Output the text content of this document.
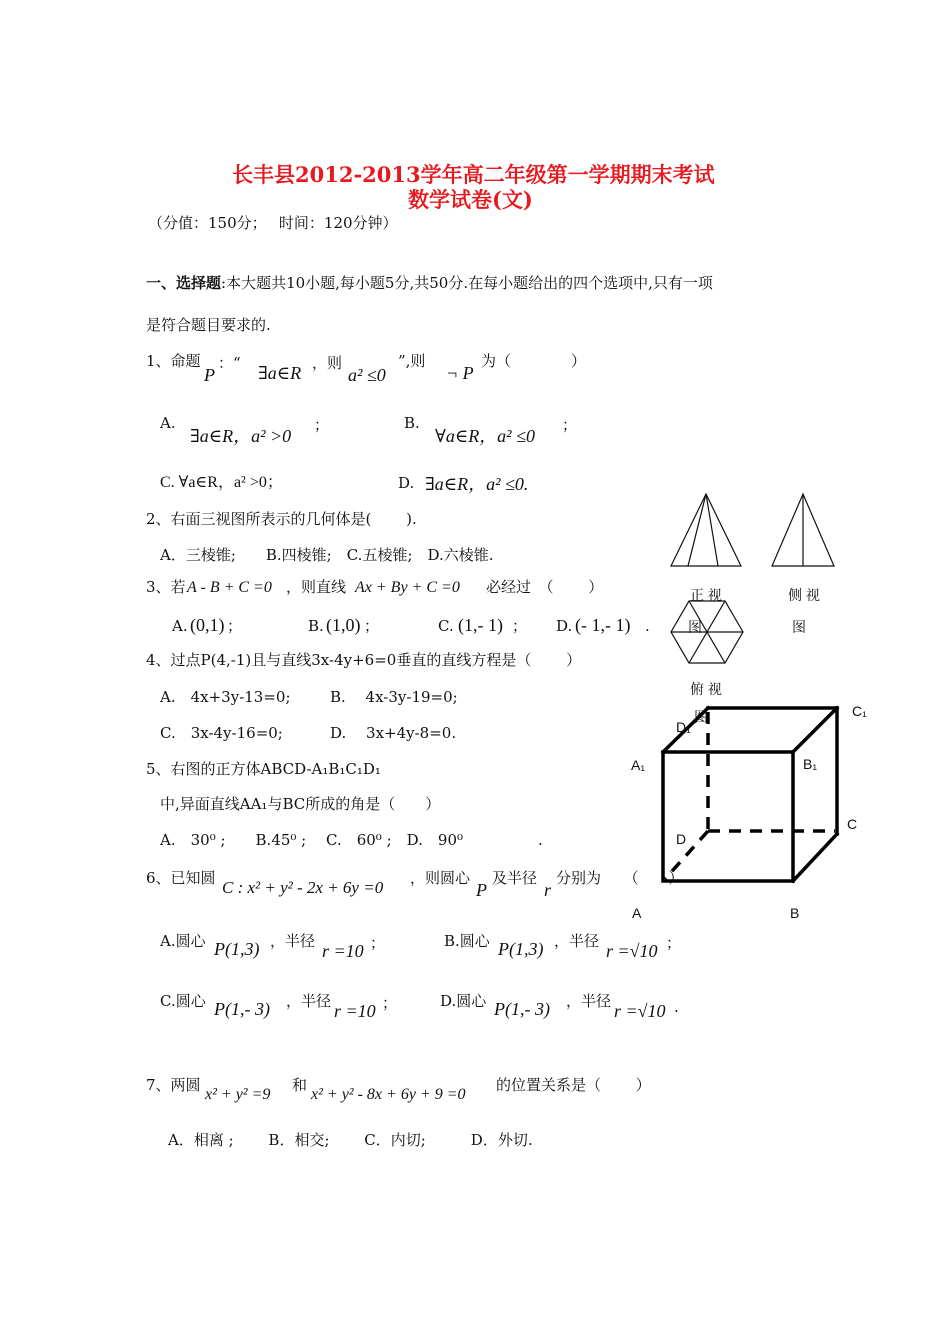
长丰县2012-2013学年高二年级第一学期期末考试
数学试卷(文)
（分值：150分；　 时间：120分钟）
一、选择题:本大题共10小题,每小题5分,共50分.在每小题给出的四个选项中,只有一项
是符合题目要求的.
1、命题
P
：“ ∃a∈R ，则
a² ≤0
”,则
¬ P
为（　　　　）
A.
∃a∈R，a² >0
；	B.
∀a∈R，a² ≤0
；
C. ∀a∈R，a² >0；	D. ∃a∈R，a² ≤0.
2、右面三视图所表示的几何体是(　　 ).
A．三棱锥;　　B.四棱锥;　C.五棱锥;　D.六棱锥.
正 视
图
侧 视
图
俯 视
图
3、若 A - B + C =0 ，则直线 Ax + By + C =0 必经过　（　　 ）
A. (0,1) ；	B. (1,0) ；	C. (1,- 1) ； D. (- 1,- 1) .
4、过点P(4,-1)且与直线3x-4y+6=0垂直的直线方程是（　　 ）
A.　4x+3y-13=0;	B.　 4x-3y-19=0;
C.　3x-4y-16=0;	D.　 3x+4y-8=0.
5、右图的正方体ABCD-A₁B₁C₁D₁
中,异面直线AA₁与BC所成的角是（　　）
A.　30⁰ ;　　B.45⁰ ;　 C.　60⁰ ;　D.　90⁰　　　　　.
C₁
D₁
A₁	B₁
C
D
A	B
6、已知圆 C : x² + y² - 2x + 6y =0 ，则圆心
P
及半径
r
分别为　　（　　）
A.圆心 P(1,3) ，半径 r =10 ；	B.圆心 P(1,3) ，半径 r =√10 ；
C.圆心 P(1,- 3) ，半径 r =10 ；	D.圆心 P(1,- 3) ，半径 r =√10 .
7、两圆
x² + y² =9
和
x² + y² - 8x + 6y + 9 =0
的位置关系是（　　 ）
A．相离 ;　　 B．相交;　　 C．内切;　　　D．外切.
